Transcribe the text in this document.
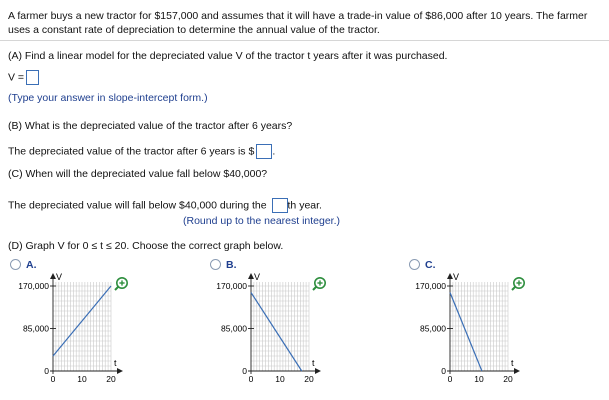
A farmer buys a new tractor for $157,000 and assumes that it will have a trade-in value of $86,000 after 10 years. The farmer uses a constant rate of depreciation to determine the annual value of the tractor.
(A) Find a linear model for the depreciated value V of the tractor t years after it was purchased.
V =
(Type your answer in slope-intercept form.)
(B) What is the depreciated value of the tractor after 6 years?
The depreciated value of the tractor after 6 years is $ .
(C) When will the depreciated value fall below $40,000?
The depreciated value will fall below $40,000 during the th year.
(Round up to the nearest integer.)
(D) Graph V for 0 ≤ t ≤ 20. Choose the correct graph below.
A.	B.	C.
V
t
170,000
85,000
0
0	10 20
V
t
170,000
85,000
0
0	10 20
V
t
170,000
85,000
0
0	10 20
